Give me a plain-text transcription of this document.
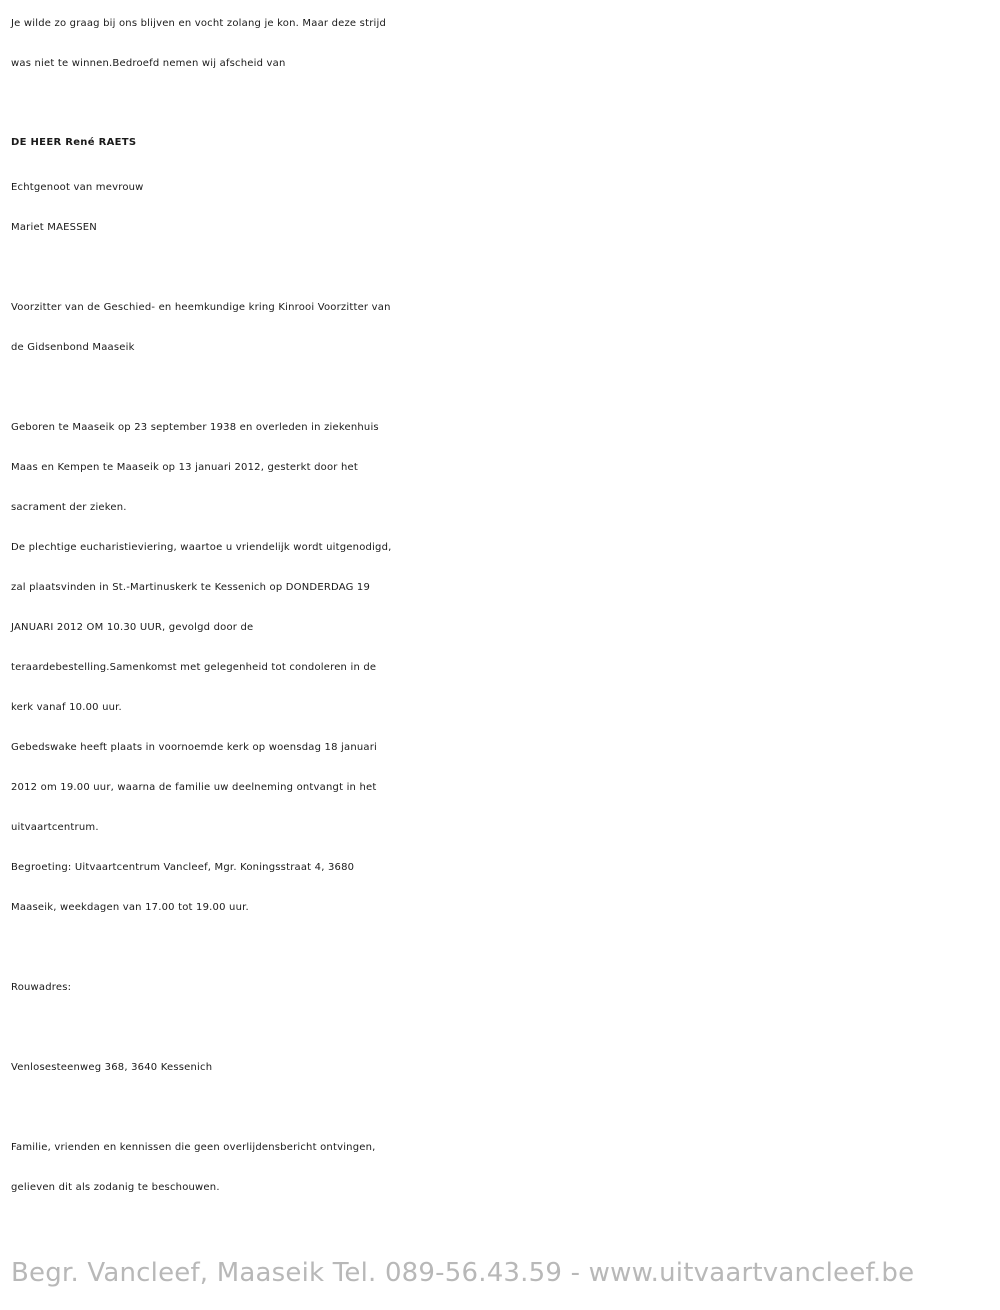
Je wilde zo graag bij ons blijven en vocht zolang je kon. Maar deze strijd
was niet te winnen.Bedroefd nemen wij afscheid van
DE HEER René RAETS
Echtgenoot van mevrouw
Mariet MAESSEN
Voorzitter van de Geschied- en heemkundige kring Kinrooi Voorzitter van
de Gidsenbond Maaseik
Geboren te Maaseik op 23 september 1938 en overleden in ziekenhuis
Maas en Kempen te Maaseik op 13 januari 2012, gesterkt door het
sacrament der zieken.
De plechtige eucharistieviering, waartoe u vriendelijk wordt uitgenodigd,
zal plaatsvinden in St.-Martinuskerk te Kessenich op DONDERDAG 19
JANUARI 2012 OM 10.30 UUR, gevolgd door de
teraardebestelling.Samenkomst met gelegenheid tot condoleren in de
kerk vanaf 10.00 uur.
Gebedswake heeft plaats in voornoemde kerk op woensdag 18 januari
2012 om 19.00 uur, waarna de familie uw deelneming ontvangt in het
uitvaartcentrum.
Begroeting: Uitvaartcentrum Vancleef, Mgr. Koningsstraat 4, 3680
Maaseik, weekdagen van 17.00 tot 19.00 uur.
Rouwadres:
Venlosesteenweg 368, 3640 Kessenich
Familie, vrienden en kennissen die geen overlijdensbericht ontvingen,
gelieven dit als zodanig te beschouwen.
Begr. Vancleef, Maaseik Tel. 089-56.43.59 - www.uitvaartvancleef.be
